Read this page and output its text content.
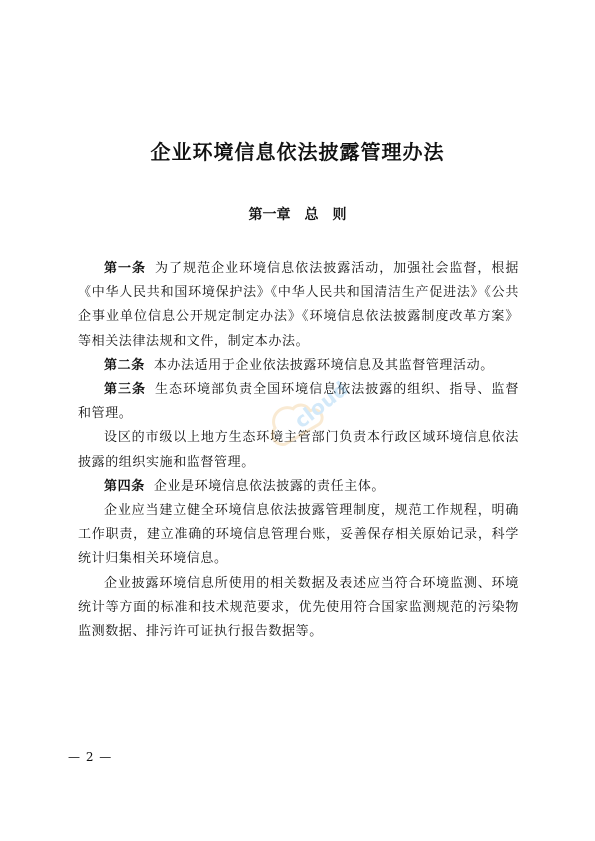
企业环境信息依法披露管理办法
第一章　总　则

第一条 为了规范企业环境信息依法披露活动，加强社会监督，根据《中华人民共和国环境保护法》《中华人民共和国清洁生产促进法》《公共企事业单位信息公开规定制定办法》《环境信息依法披露制度改革方案》等相关法律法规和文件，制定本办法。

第二条 本办法适用于企业依法披露环境信息及其监督管理活动。

第三条 生态环境部负责全国环境信息依法披露的组织、指导、监督和管理。

设区的市级以上地方生态环境主管部门负责本行政区域环境信息依法披露的组织实施和监督管理。

第四条 企业是环境信息依法披露的责任主体。

企业应当建立健全环境信息依法披露管理制度，规范工作规程，明确工作职责，建立准确的环境信息管理台账，妥善保存相关原始记录，科学统计归集相关环境信息。

企业披露环境信息所使用的相关数据及表述应当符合环境监测、环境统计等方面的标准和技术规范要求，优先使用符合国家监测规范的污染物监测数据、排污许可证执行报告数据等。

— 2 —
cloud
